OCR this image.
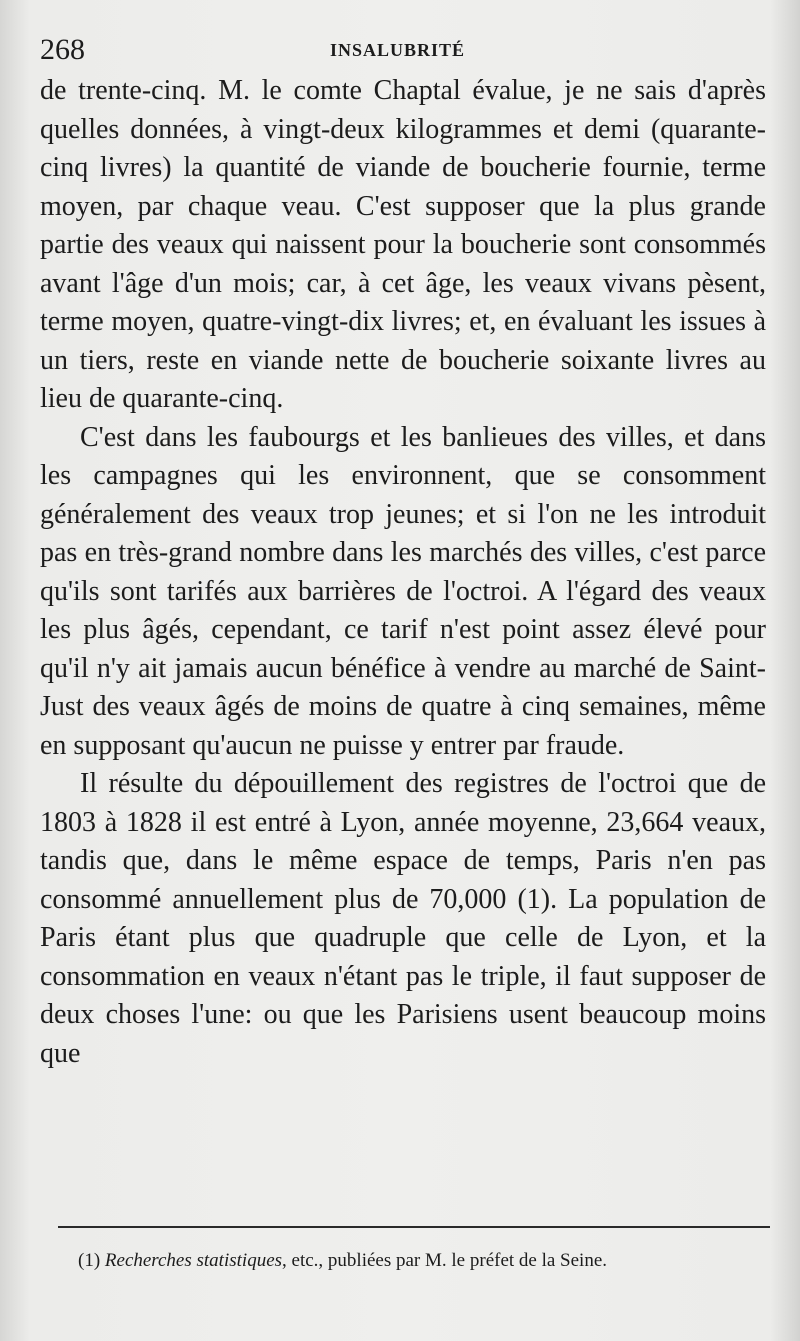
268	INSALUBRITÉ

de trente-cinq. M. le comte Chaptal évalue, je ne sais d'après quelles données, à vingt-deux kilogrammes et demi (quarante-cinq livres) la quantité de viande de boucherie fournie, terme moyen, par chaque veau. C'est supposer que la plus grande partie des veaux qui naissent pour la boucherie sont consommés avant l'âge d'un mois; car, à cet âge, les veaux vivans pèsent, terme moyen, quatre-vingt-dix livres; et, en évaluant les issues à un tiers, reste en viande nette de boucherie soixante livres au lieu de quarante-cinq.

C'est dans les faubourgs et les banlieues des villes, et dans les campagnes qui les environnent, que se consomment généralement des veaux trop jeunes; et si l'on ne les introduit pas en très-grand nombre dans les marchés des villes, c'est parce qu'ils sont tarifés aux barrières de l'octroi. A l'égard des veaux les plus âgés, cependant, ce tarif n'est point assez élevé pour qu'il n'y ait jamais aucun bénéfice à vendre au marché de Saint-Just des veaux âgés de moins de quatre à cinq semaines, même en supposant qu'aucun ne puisse y entrer par fraude.

Il résulte du dépouillement des registres de l'octroi que de 1803 à 1828 il est entré à Lyon, année moyenne, 23,664 veaux, tandis que, dans le même espace de temps, Paris n'en pas consommé annuellement plus de 70,000 (1). La population de Paris étant plus que quadruple que celle de Lyon, et la consommation en veaux n'étant pas le triple, il faut supposer de deux choses l'une: ou que les Parisiens usent beaucoup moins que

(1) Recherches statistiques, etc., publiées par M. le préfet de la Seine.
